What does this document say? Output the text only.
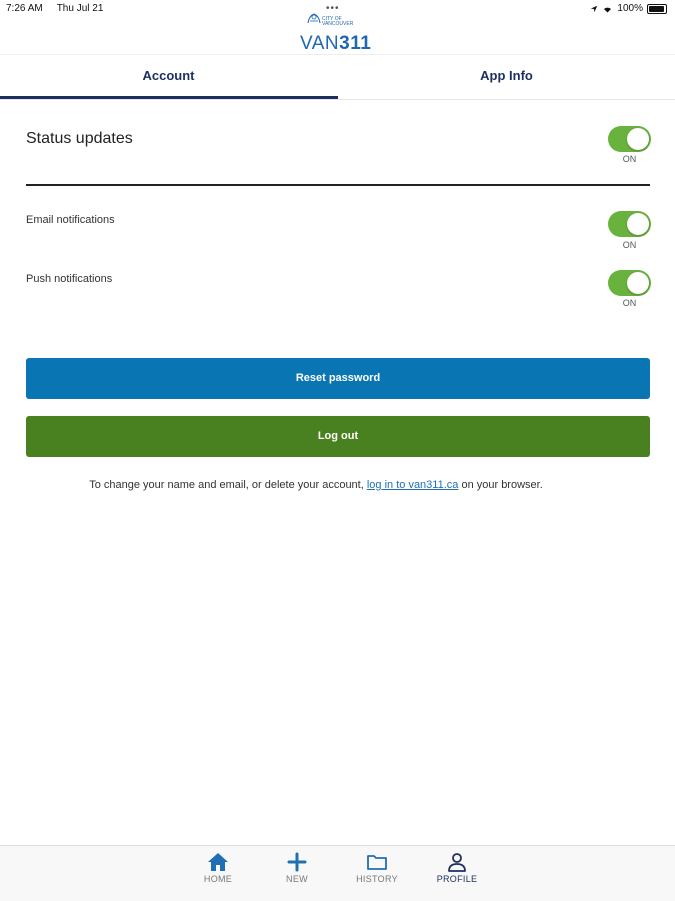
7:26 AM Thu Jul 21	•••	100%
CITY OF
VANCOUVER
VAN311
Account	App Info
Status updates
ON
Email notifications
ON
Push notifications
ON
Reset password
Log out
To change your name and email, or delete your account, log in to van311.ca on your browser.
HOME	NEW	HISTORY	PROFILE
